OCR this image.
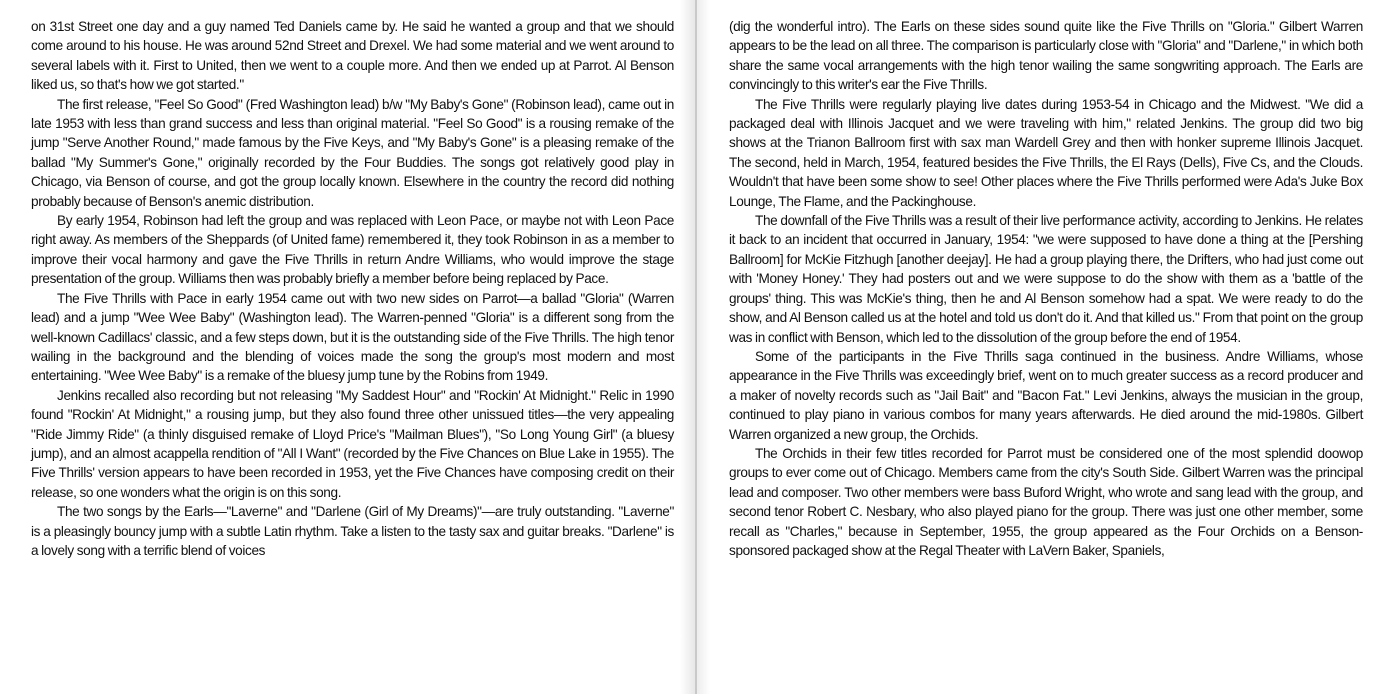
on 31st Street one day and a guy named Ted Daniels came by. He said he wanted a group and that we should come around to his house. He was around 52nd Street and Drexel. We had some material and we went around to several labels with it. First to United, then we went to a couple more. And then we ended up at Parrot. Al Benson liked us, so that's how we got started."

The first release, "Feel So Good" (Fred Washington lead) b/w "My Baby's Gone" (Robinson lead), came out in late 1953 with less than grand success and less than original material. "Feel So Good" is a rousing remake of the jump "Serve Another Round," made famous by the Five Keys, and "My Baby's Gone" is a pleasing remake of the ballad "My Summer's Gone," originally recorded by the Four Buddies. The songs got relatively good play in Chicago, via Benson of course, and got the group locally known. Elsewhere in the country the record did nothing probably because of Benson's anemic distribution.

By early 1954, Robinson had left the group and was replaced with Leon Pace, or maybe not with Leon Pace right away. As members of the Sheppards (of United fame) remembered it, they took Robinson in as a member to improve their vocal harmony and gave the Five Thrills in return Andre Williams, who would improve the stage presentation of the group. Williams then was probably briefly a member before being replaced by Pace.

The Five Thrills with Pace in early 1954 came out with two new sides on Parrot—a ballad "Gloria" (Warren lead) and a jump "Wee Wee Baby" (Washington lead). The Warren-penned "Gloria" is a different song from the well-known Cadillacs' classic, and a few steps down, but it is the outstanding side of the Five Thrills. The high tenor wailing in the background and the blending of voices made the song the group's most modern and most entertaining. "Wee Wee Baby" is a remake of the bluesy jump tune by the Robins from 1949.

Jenkins recalled also recording but not releasing "My Saddest Hour" and "Rockin' At Midnight." Relic in 1990 found "Rockin' At Midnight," a rousing jump, but they also found three other unissued titles—the very appealing "Ride Jimmy Ride" (a thinly disguised remake of Lloyd Price's "Mailman Blues"), "So Long Young Girl" (a bluesy jump), and an almost acappella rendition of "All I Want" (recorded by the Five Chances on Blue Lake in 1955). The Five Thrills' version appears to have been recorded in 1953, yet the Five Chances have composing credit on their release, so one wonders what the origin is on this song.

The two songs by the Earls—"Laverne" and "Darlene (Girl of My Dreams)"—are truly outstanding. "Laverne" is a pleasingly bouncy jump with a subtle Latin rhythm. Take a listen to the tasty sax and guitar breaks. "Darlene" is a lovely song with a terrific blend of voices

(dig the wonderful intro). The Earls on these sides sound quite like the Five Thrills on "Gloria." Gilbert Warren appears to be the lead on all three. The comparison is particularly close with "Gloria" and "Darlene," in which both share the same vocal arrangements with the high tenor wailing the same songwriting approach. The Earls are convincingly to this writer's ear the Five Thrills.

The Five Thrills were regularly playing live dates during 1953-54 in Chicago and the Midwest. "We did a packaged deal with Illinois Jacquet and we were traveling with him," related Jenkins. The group did two big shows at the Trianon Ballroom first with sax man Wardell Grey and then with honker supreme Illinois Jacquet. The second, held in March, 1954, featured besides the Five Thrills, the El Rays (Dells), Five Cs, and the Clouds. Wouldn't that have been some show to see! Other places where the Five Thrills performed were Ada's Juke Box Lounge, The Flame, and the Packinghouse.

The downfall of the Five Thrills was a result of their live performance activity, according to Jenkins. He relates it back to an incident that occurred in January, 1954: "we were supposed to have done a thing at the [Pershing Ballroom] for McKie Fitzhugh [another deejay]. He had a group playing there, the Drifters, who had just come out with 'Money Honey.' They had posters out and we were suppose to do the show with them as a 'battle of the groups' thing. This was McKie's thing, then he and Al Benson somehow had a spat. We were ready to do the show, and Al Benson called us at the hotel and told us don't do it. And that killed us." From that point on the group was in conflict with Benson, which led to the dissolution of the group before the end of 1954.

Some of the participants in the Five Thrills saga continued in the business. Andre Williams, whose appearance in the Five Thrills was exceedingly brief, went on to much greater success as a record producer and a maker of novelty records such as "Jail Bait" and "Bacon Fat." Levi Jenkins, always the musician in the group, continued to play piano in various combos for many years afterwards. He died around the mid-1980s. Gilbert Warren organized a new group, the Orchids.

The Orchids in their few titles recorded for Parrot must be considered one of the most splendid doowop groups to ever come out of Chicago. Members came from the city's South Side. Gilbert Warren was the principal lead and composer. Two other members were bass Buford Wright, who wrote and sang lead with the group, and second tenor Robert C. Nesbary, who also played piano for the group. There was just one other member, some recall as "Charles," because in September, 1955, the group appeared as the Four Orchids on a Benson-sponsored packaged show at the Regal Theater with LaVern Baker, Spaniels,
